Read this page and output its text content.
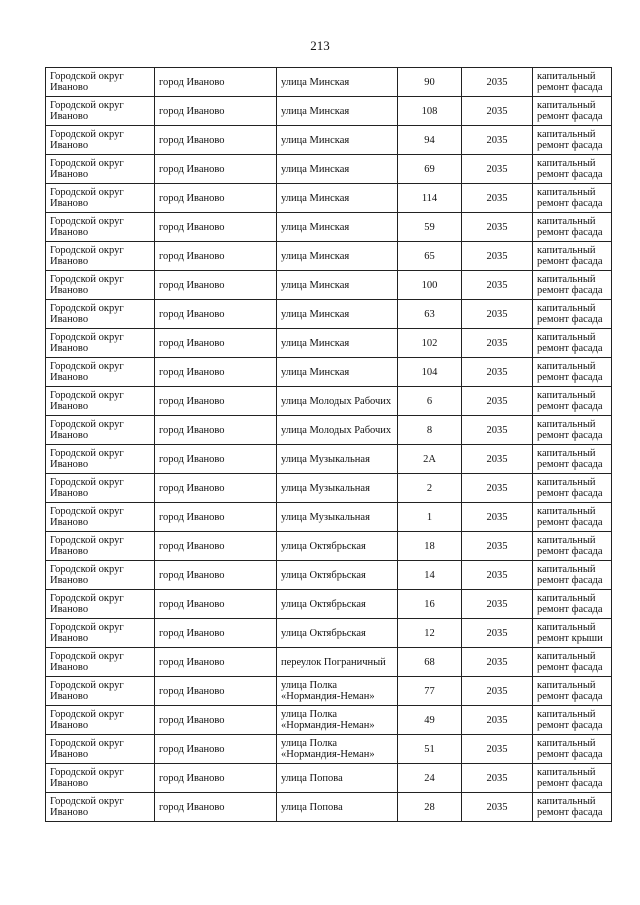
213
Городской округ Иваново	город Иваново	улица Минская	90	2035	капитальный ремонт фасада
Городской округ Иваново	город Иваново	улица Минская	108	2035	капитальный ремонт фасада
Городской округ Иваново	город Иваново	улица Минская	94	2035	капитальный ремонт фасада
Городской округ Иваново	город Иваново	улица Минская	69	2035	капитальный ремонт фасада
Городской округ Иваново	город Иваново	улица Минская	114	2035	капитальный ремонт фасада
Городской округ Иваново	город Иваново	улица Минская	59	2035	капитальный ремонт фасада
Городской округ Иваново	город Иваново	улица Минская	65	2035	капитальный ремонт фасада
Городской округ Иваново	город Иваново	улица Минская	100	2035	капитальный ремонт фасада
Городской округ Иваново	город Иваново	улица Минская	63	2035	капитальный ремонт фасада
Городской округ Иваново	город Иваново	улица Минская	102	2035	капитальный ремонт фасада
Городской округ Иваново	город Иваново	улица Минская	104	2035	капитальный ремонт фасада
Городской округ Иваново	город Иваново	улица Молодых Рабочих	6	2035	капитальный ремонт фасада
Городской округ Иваново	город Иваново	улица Молодых Рабочих	8	2035	капитальный ремонт фасада
Городской округ Иваново	город Иваново	улица Музыкальная	2А	2035	капитальный ремонт фасада
Городской округ Иваново	город Иваново	улица Музыкальная	2	2035	капитальный ремонт фасада
Городской округ Иваново	город Иваново	улица Музыкальная	1	2035	капитальный ремонт фасада
Городской округ Иваново	город Иваново	улица Октябрьская	18	2035	капитальный ремонт фасада
Городской округ Иваново	город Иваново	улица Октябрьская	14	2035	капитальный ремонт фасада
Городской округ Иваново	город Иваново	улица Октябрьская	16	2035	капитальный ремонт фасада
Городской округ Иваново	город Иваново	улица Октябрьская	12	2035	капитальный ремонт крыши
Городской округ Иваново	город Иваново	переулок Пограничный	68	2035	капитальный ремонт фасада
Городской округ Иваново	город Иваново	улица Полка «Нормандия-Неман»	77	2035	капитальный ремонт фасада
Городской округ Иваново	город Иваново	улица Полка «Нормандия-Неман»	49	2035	капитальный ремонт фасада
Городской округ Иваново	город Иваново	улица Полка «Нормандия-Неман»	51	2035	капитальный ремонт фасада
Городской округ Иваново	город Иваново	улица Попова	24	2035	капитальный ремонт фасада
Городской округ Иваново	город Иваново	улица Попова	28	2035	капитальный ремонт фасада
